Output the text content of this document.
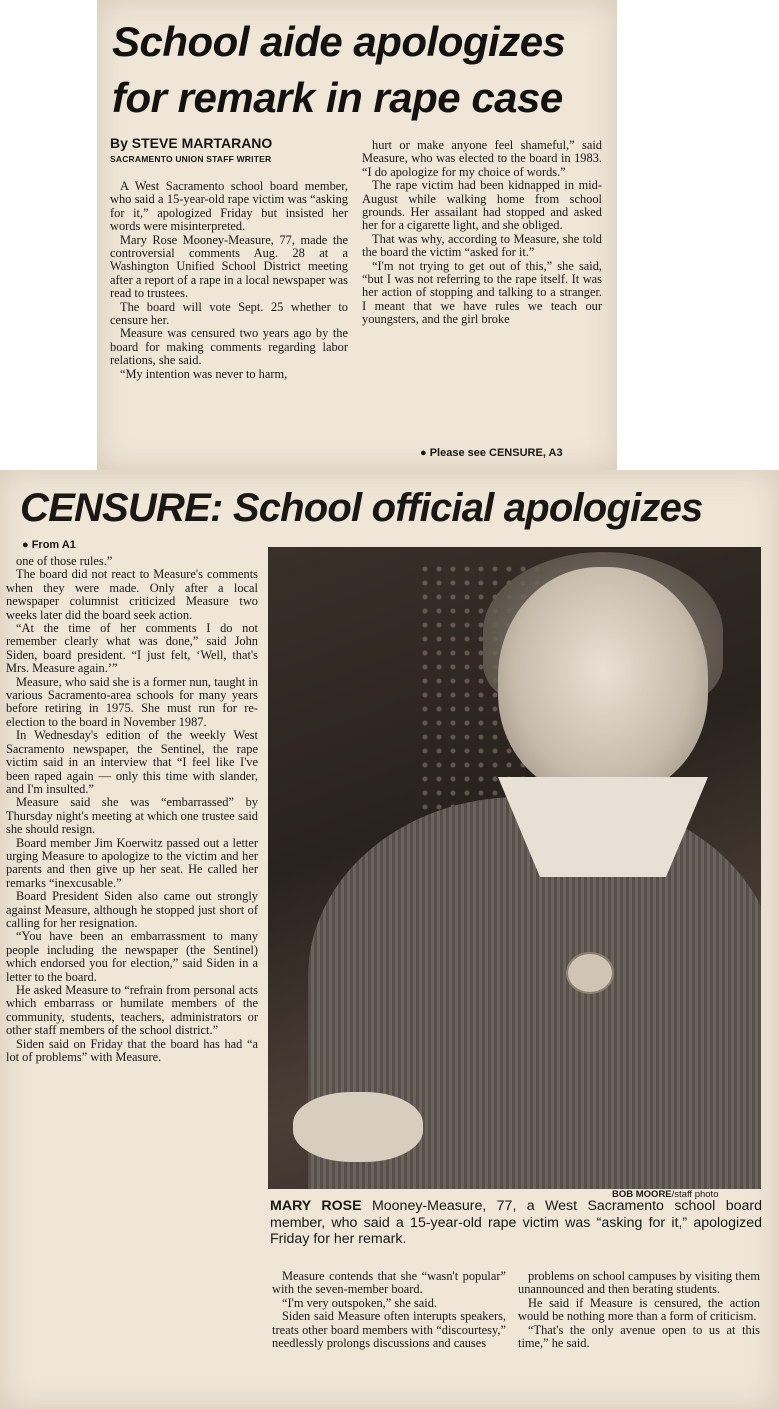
School aide apologizes
for remark in rape case
By STEVE MARTARANO
SACRAMENTO UNION STAFF WRITER

A West Sacramento school board member, who said a 15-year-old rape victim was “asking for it,” apologized Friday but insisted her words were misinterpreted.

Mary Rose Mooney-Measure, 77, made the controversial comments Aug. 28 at a Washington Unified School District meeting after a report of a rape in a local newspaper was read to trustees.

The board will vote Sept. 25 whether to censure her.

Measure was censured two years ago by the board for making comments regarding labor relations, she said.

“My intention was never to harm,

hurt or make anyone feel shameful,” said Measure, who was elected to the board in 1983. “I do apologize for my choice of words.”

The rape victim had been kidnapped in mid-August while walking home from school grounds. Her assailant had stopped and asked her for a cigarette light, and she obliged.

That was why, according to Measure, she told the board the victim “asked for it.”

“I'm not trying to get out of this,” she said, “but I was not referring to the rape itself. It was her action of stopping and talking to a stranger. I meant that we have rules we teach our youngsters, and the girl broke

● Please see CENSURE, A3
CENSURE: School official apologizes
● From A1

one of those rules.”

The board did not react to Measure's comments when they were made. Only after a local newspaper columnist criticized Measure two weeks later did the board seek action.

“At the time of her comments I do not remember clearly what was done,” said John Siden, board president. “I just felt, ‘Well, that's Mrs. Measure again.’”

Measure, who said she is a former nun, taught in various Sacramento-area schools for many years before retiring in 1975. She must run for re-election to the board in November 1987.

In Wednesday's edition of the weekly West Sacramento newspaper, the Sentinel, the rape victim said in an interview that “I feel like I've been raped again — only this time with slander, and I'm insulted.”

Measure said she was “embarrassed” by Thursday night's meeting at which one trustee said she should resign.

Board member Jim Koerwitz passed out a letter urging Measure to apologize to the victim and her parents and then give up her seat. He called her remarks “inexcusable.”

Board President Siden also came out strongly against Measure, although he stopped just short of calling for her resignation.

“You have been an embarrassment to many people including the newspaper (the Sentinel) which endorsed you for election,” said Siden in a letter to the board.

He asked Measure to “refrain from personal acts which embarrass or humilate members of the community, students, teachers, administrators or other staff members of the school district.”

Siden said on Friday that the board has had “a lot of problems” with Measure.

BOB MOORE/staff photo
MARY ROSE Mooney-Measure, 77, a West Sacramento school board member, who said a 15-year-old rape victim was “asking for it,” apologized Friday for her remark.

Measure contends that she “wasn't popular” with the seven-member board.

“I'm very outspoken,” she said.

Siden said Measure often interupts speakers, treats other board members with “discourtesy,” needlessly prolongs discussions and causes

problems on school campuses by visiting them unannounced and then berating students.

He said if Measure is censured, the action would be nothing more than a form of criticism.

“That's the only avenue open to us at this time,” he said.
